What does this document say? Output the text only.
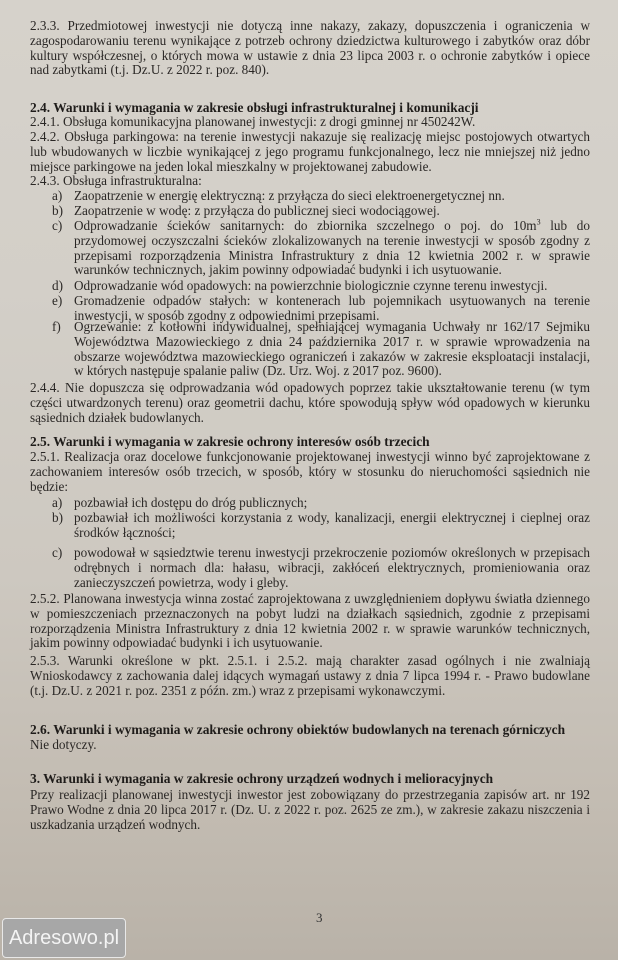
2.3.3. Przedmiotowej inwestycji nie dotyczą inne nakazy, zakazy, dopuszczenia i ograniczenia w zagospodarowaniu terenu wynikające z potrzeb ochrony dziedzictwa kulturowego i zabytków oraz dóbr kultury współczesnej, o których mowa w ustawie z dnia 23 lipca 2003 r. o ochronie zabytków i opiece nad zabytkami (t.j. Dz.U. z 2022 r. poz. 840).
2.4. Warunki i wymagania w zakresie obsługi infrastrukturalnej i komunikacji
2.4.1. Obsługa komunikacyjna planowanej inwestycji: z drogi gminnej nr 450242W.
2.4.2. Obsługa parkingowa: na terenie inwestycji nakazuje się realizację miejsc postojowych otwartych lub wbudowanych w liczbie wynikającej z jego programu funkcjonalnego, lecz nie mniejszej niż jedno miejsce parkingowe na jeden lokal mieszkalny w projektowanej zabudowie.
2.4.3. Obsługa infrastrukturalna:
a) Zaopatrzenie w energię elektryczną: z przyłącza do sieci elektroenergetycznej nn.
b) Zaopatrzenie w wodę: z przyłącza do publicznej sieci wodociągowej.
c) Odprowadzanie ścieków sanitarnych: do zbiornika szczelnego o poj. do $10m^3$ lub do przydomowej oczyszczalni ścieków zlokalizowanych na terenie inwestycji w sposób zgodny z przepisami rozporządzenia Ministra Infrastruktury z dnia 12 kwietnia 2002 r. w sprawie warunków technicznych, jakim powinny odpowiadać budynki i ich usytuowanie.
d) Odprowadzanie wód opadowych: na powierzchnie biologicznie czynne terenu inwestycji.
e) Gromadzenie odpadów stałych: w kontenerach lub pojemnikach usytuowanych na terenie inwestycji, w sposób zgodny z odpowiednimi przepisami.
f)	Ogrzewanie: z kotłowni indywidualnej, spełniającej wymagania Uchwały nr 162/17 Sejmiku Województwa Mazowieckiego z dnia 24 października 2017 r. w sprawie wprowadzenia na obszarze województwa mazowieckiego ograniczeń i zakazów w zakresie eksploatacji instalacji, w których następuje spalanie paliw (Dz. Urz. Woj. z 2017 poz. 9600).
2.4.4. Nie dopuszcza się odprowadzania wód opadowych poprzez takie ukształtowanie terenu (w tym części utwardzonych terenu) oraz geometrii dachu, które spowodują spływ wód opadowych w kierunku sąsiednich działek budowlanych.
2.5. Warunki i wymagania w zakresie ochrony interesów osób trzecich
2.5.1. Realizacja oraz docelowe funkcjonowanie projektowanej inwestycji winno być zaprojektowane z zachowaniem interesów osób trzecich, w sposób, który w stosunku do nieruchomości sąsiednich nie będzie:
a) pozbawiał ich dostępu do dróg publicznych;
b) pozbawiał ich możliwości korzystania z wody, kanalizacji, energii elektrycznej i cieplnej oraz środków łączności;
c) powodował w sąsiedztwie terenu inwestycji przekroczenie poziomów określonych w przepisach odrębnych i normach dla: hałasu, wibracji, zakłóceń elektrycznych, promieniowania oraz zanieczyszczeń powietrza, wody i gleby.
2.5.2. Planowana inwestycja winna zostać zaprojektowana z uwzględnieniem dopływu światła dziennego w pomieszczeniach przeznaczonych na pobyt ludzi na działkach sąsiednich, zgodnie z przepisami rozporządzenia Ministra Infrastruktury z dnia 12 kwietnia 2002 r. w sprawie warunków technicznych, jakim powinny odpowiadać budynki i ich usytuowanie.
2.5.3. Warunki określone w pkt. 2.5.1. i 2.5.2. mają charakter zasad ogólnych i nie zwalniają Wnioskodawcy z zachowania dalej idących wymagań ustawy z dnia 7 lipca 1994 r. - Prawo budowlane (t.j. Dz.U. z 2021 r. poz. 2351 z późn. zm.) wraz z przepisami wykonawczymi.
2.6. Warunki i wymagania w zakresie ochrony obiektów budowlanych na terenach górniczych
Nie dotyczy.
3. Warunki i wymagania w zakresie ochrony urządzeń wodnych i melioracyjnych
Przy realizacji planowanej inwestycji inwestor jest zobowiązany do przestrzegania zapisów art. nr 192 Prawo Wodne z dnia 20 lipca 2017 r. (Dz. U. z 2022 r. poz. 2625 ze zm.), w zakresie zakazu niszczenia i uszkadzania urządzeń wodnych.
3
Adresowo.pl
